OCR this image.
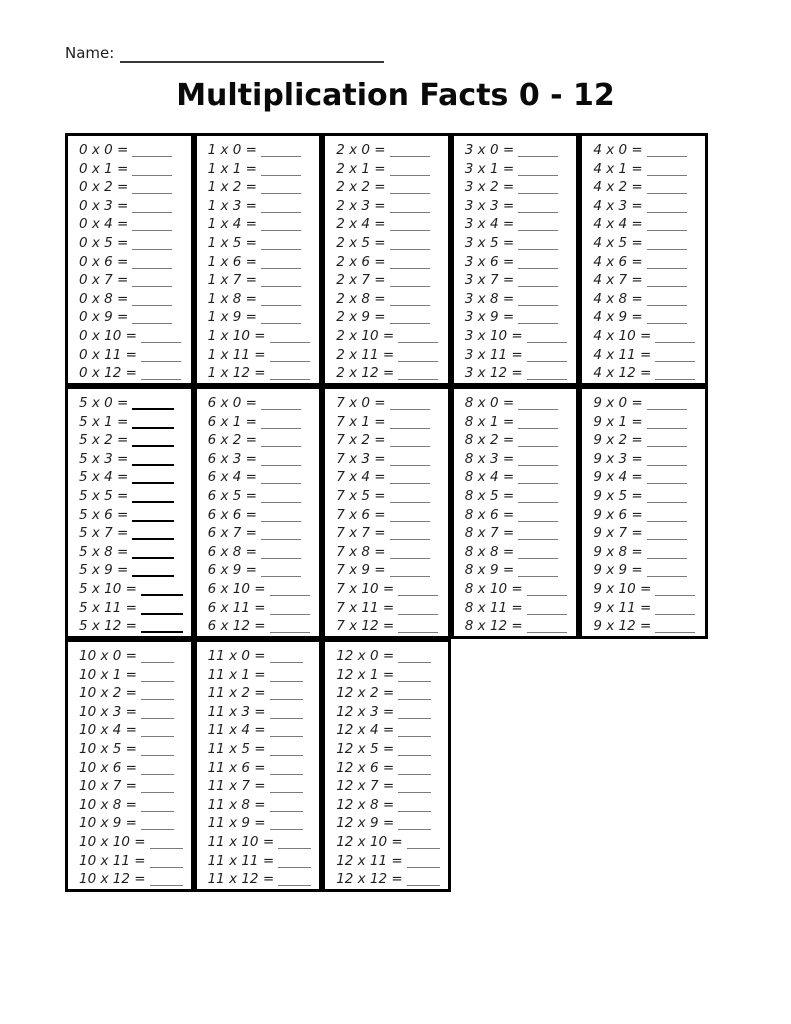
Name:
Multiplication Facts 0 - 12
0 x 0 =
0 x 1 =
0 x 2 =
0 x 3 =
0 x 4 =
0 x 5 =
0 x 6 =
0 x 7 =
0 x 8 =
0 x 9 =
0 x 10 =
0 x 11 =
0 x 12 =
1 x 0 =
1 x 1 =
1 x 2 =
1 x 3 =
1 x 4 =
1 x 5 =
1 x 6 =
1 x 7 =
1 x 8 =
1 x 9 =
1 x 10 =
1 x 11 =
1 x 12 =
2 x 0 =
2 x 1 =
2 x 2 =
2 x 3 =
2 x 4 =
2 x 5 =
2 x 6 =
2 x 7 =
2 x 8 =
2 x 9 =
2 x 10 =
2 x 11 =
2 x 12 =
3 x 0 =
3 x 1 =
3 x 2 =
3 x 3 =
3 x 4 =
3 x 5 =
3 x 6 =
3 x 7 =
3 x 8 =
3 x 9 =
3 x 10 =
3 x 11 =
3 x 12 =
4 x 0 =
4 x 1 =
4 x 2 =
4 x 3 =
4 x 4 =
4 x 5 =
4 x 6 =
4 x 7 =
4 x 8 =
4 x 9 =
4 x 10 =
4 x 11 =
4 x 12 =
5 x 0 =
5 x 1 =
5 x 2 =
5 x 3 =
5 x 4 =
5 x 5 =
5 x 6 =
5 x 7 =
5 x 8 =
5 x 9 =
5 x 10 =
5 x 11 =
5 x 12 =
6 x 0 =
6 x 1 =
6 x 2 =
6 x 3 =
6 x 4 =
6 x 5 =
6 x 6 =
6 x 7 =
6 x 8 =
6 x 9 =
6 x 10 =
6 x 11 =
6 x 12 =
7 x 0 =
7 x 1 =
7 x 2 =
7 x 3 =
7 x 4 =
7 x 5 =
7 x 6 =
7 x 7 =
7 x 8 =
7 x 9 =
7 x 10 =
7 x 11 =
7 x 12 =
8 x 0 =
8 x 1 =
8 x 2 =
8 x 3 =
8 x 4 =
8 x 5 =
8 x 6 =
8 x 7 =
8 x 8 =
8 x 9 =
8 x 10 =
8 x 11 =
8 x 12 =
9 x 0 =
9 x 1 =
9 x 2 =
9 x 3 =
9 x 4 =
9 x 5 =
9 x 6 =
9 x 7 =
9 x 8 =
9 x 9 =
9 x 10 =
9 x 11 =
9 x 12 =
10 x 0 =
10 x 1 =
10 x 2 =
10 x 3 =
10 x 4 =
10 x 5 =
10 x 6 =
10 x 7 =
10 x 8 =
10 x 9 =
10 x 10 =
10 x 11 =
10 x 12 =
11 x 0 =
11 x 1 =
11 x 2 =
11 x 3 =
11 x 4 =
11 x 5 =
11 x 6 =
11 x 7 =
11 x 8 =
11 x 9 =
11 x 10 =
11 x 11 =
11 x 12 =
12 x 0 =
12 x 1 =
12 x 2 =
12 x 3 =
12 x 4 =
12 x 5 =
12 x 6 =
12 x 7 =
12 x 8 =
12 x 9 =
12 x 10 =
12 x 11 =
12 x 12 =
